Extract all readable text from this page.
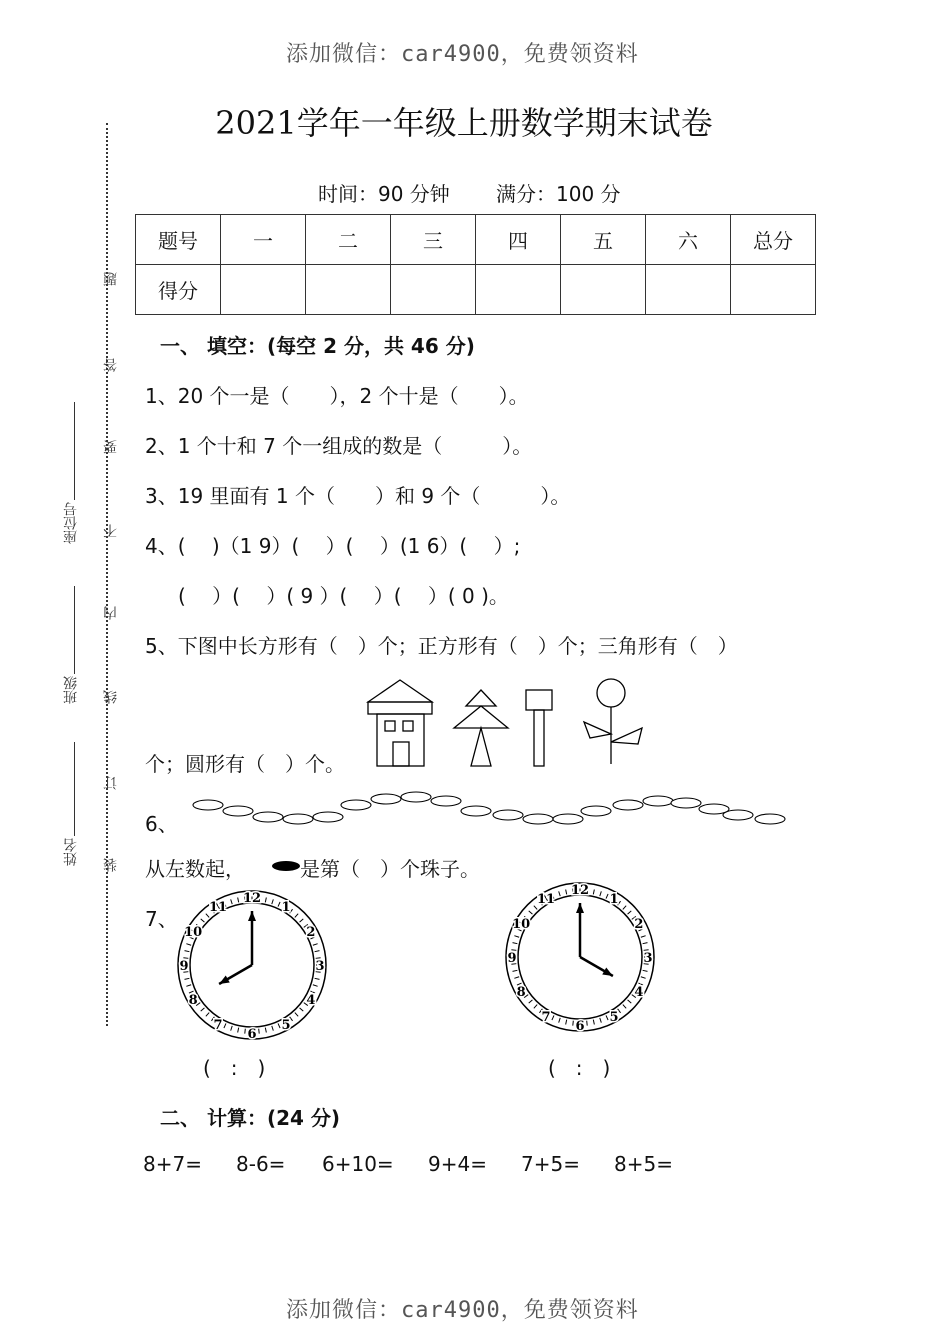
添加微信：car4900，免费领资料
添加微信：car4900，免费领资料
2021学年一年级上册数学期末试卷
时间：90 分钟 满分：100 分
题
答
要
不
内
线
订
装
座位号
班级
姓名
题号	一	二	三	四	五	六	总分
得分							
一、 填空：(每空 2 分，共 46 分)
1、20 个一是（　　），2 个十是（　　）。
2、1 个十和 7 个一组成的数是（　　　）。
3、19 里面有 1 个（　　）和 9 个（　　　）。
4、(　 )（1 9）(　 ）(　 ）(1 6）(　 ）;
(　 ）(　 ）( 9 ）(　 ）(　 ）( 0 )。
5、下图中长方形有（　）个；正方形有（　）个；三角形有（　）
个；圆形有（　）个。
6、
从左数起，	是第（　）个珠子。
7、
12
1
2
3
4
5
6
7
8
9
10
11
12
1
2
3
4
5
6
7
8
9
10
11
(　:　)	(　:　)
二、 计算：(24 分)
8+7= 8-6= 6+10= 9+4= 7+5= 8+5=
